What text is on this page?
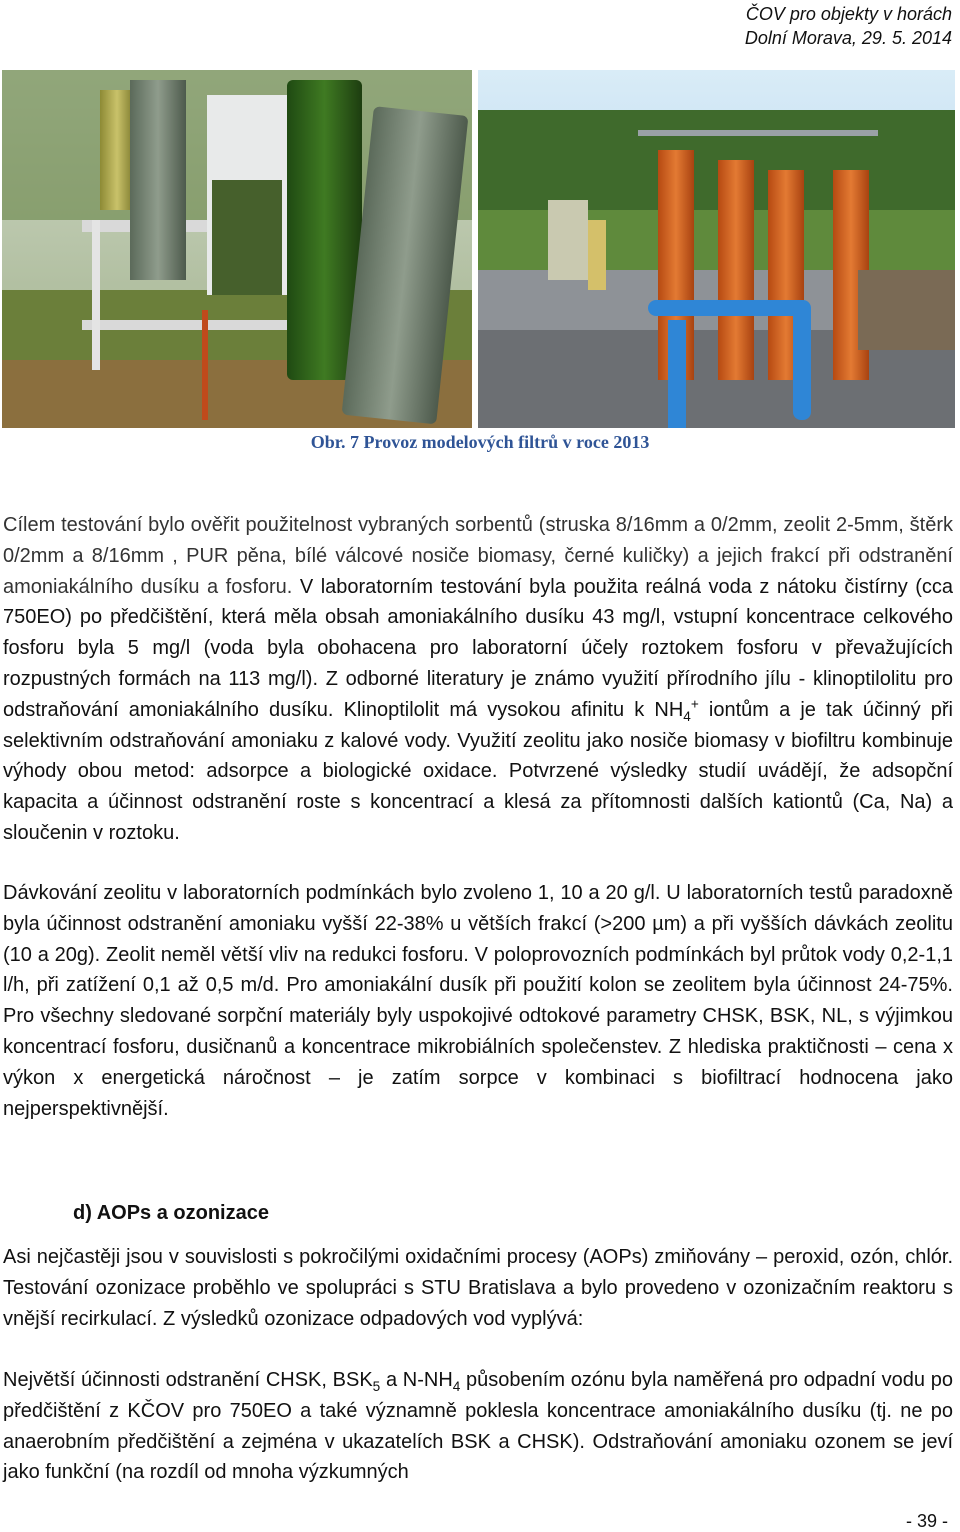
ČOV pro objekty v horách
Dolní Morava, 29. 5. 2014
Obr. 7 Provoz modelových filtrů v roce 2013

Cílem testování bylo ověřit použitelnost vybraných sorbentů (struska 8/16mm a 0/2mm, zeolit 2-5mm, štěrk 0/2mm a 8/16mm , PUR pěna, bílé válcové nosiče biomasy, černé kuličky) a jejich frakcí při odstranění amoniakálního dusíku a fosforu. V laboratorním testování byla použita reálná voda z nátoku čistírny (cca 750EO) po předčištění, která měla obsah amoniakálního dusíku 43 mg/l, vstupní koncentrace celkového fosforu byla 5 mg/l (voda byla obohacena pro laboratorní účely roztokem fosforu v převažujících rozpustných formách na 113 mg/l). Z odborné literatury je známo využití přírodního jílu - klinoptilolitu pro odstraňování amoniakálního dusíku. Klinoptilolit má vysokou afinitu k $NH_4^+$ iontům a je tak účinný při selektivním odstraňování amoniaku z kalové vody. Využití zeolitu jako nosiče biomasy v biofiltru kombinuje výhody obou metod: adsorpce a biologické oxidace. Potvrzené výsledky studií uvádějí, že adsopční kapacita a účinnost odstranění roste s koncentrací a klesá za přítomnosti dalších kationtů (Ca, Na) a sloučenin v roztoku.

Dávkování zeolitu v laboratorních podmínkách bylo zvoleno 1, 10 a 20 g/l. U laboratorních testů paradoxně byla účinnost odstranění amoniaku vyšší 22-38% u větších frakcí (>200 µm) a při vyšších dávkách zeolitu (10 a 20g). Zeolit neměl větší vliv na redukci fosforu. V poloprovozních podmínkách byl průtok vody 0,2-1,1 l/h, při zatížení 0,1 až 0,5 m/d. Pro amoniakální dusík při použití kolon se zeolitem byla účinnost 24-75%. Pro všechny sledované sorpční materiály byly uspokojivé odtokové parametry CHSK, BSK, NL, s výjimkou koncentrací fosforu, dusičnanů a koncentrace mikrobiálních společenstev. Z hlediska praktičnosti – cena x výkon x energetická náročnost – je zatím sorpce v kombinaci s biofiltrací hodnocena jako nejperspektivnější.

d) AOPs a ozonizace

Asi nejčastěji jsou v souvislosti s pokročilými oxidačními procesy (AOPs) zmiňovány – peroxid, ozón, chlór. Testování ozonizace proběhlo ve spolupráci s STU Bratislava a bylo provedeno v ozonizačním reaktoru s vnější recirkulací. Z výsledků ozonizace odpadových vod vyplývá:

Největší účinnosti odstranění CHSK, $BSK_5$ a $N-NH_4$ působením ozónu byla naměřená pro odpadní vodu po předčištění z KČOV pro 750EO a také významně poklesla koncentrace amoniakálního dusíku (tj. ne po anaerobním předčištění a zejména v ukazatelích BSK a CHSK). Odstraňování amoniaku ozonem se jeví jako funkční (na rozdíl od mnoha výzkumných

- 39 -
